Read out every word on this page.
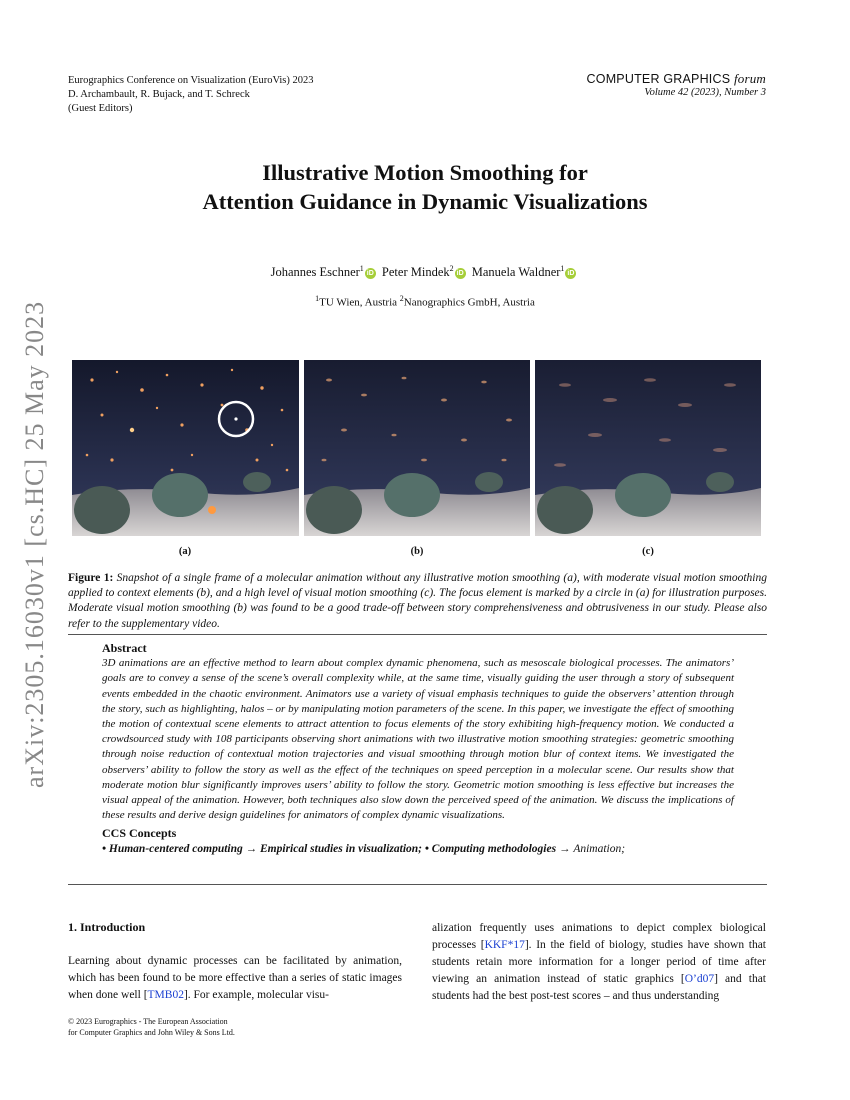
Eurographics Conference on Visualization (EuroVis) 2023
D. Archambault, R. Bujack, and T. Schreck
(Guest Editors)
COMPUTER GRAPHICS forum
Volume 42 (2023), Number 3
arXiv:2305.16030v1 [cs.HC] 25 May 2023
Illustrative Motion Smoothing for
Attention Guidance in Dynamic Visualizations
Johannes Eschner$^1$iD Peter Mindek$^2$iD Manuela Waldner$^1$iD
$^1$TU Wien, Austria $^2$Nanographics GmbH, Austria
(a)	(b)	(c)
Figure 1: Snapshot of a single frame of a molecular animation without any illustrative motion smoothing (a), with moderate visual motion smoothing applied to context elements (b), and a high level of visual motion smoothing (c). The focus element is marked by a circle in (a) for illustration purposes. Moderate visual motion smoothing (b) was found to be a good trade-off between story comprehensiveness and obtrusiveness in our study. Please also refer to the supplementary video.
Abstract

3D animations are an effective method to learn about complex dynamic phenomena, such as mesoscale biological processes. The animators’ goals are to convey a sense of the scene’s overall complexity while, at the same time, visually guiding the user through a story of subsequent events embedded in the chaotic environment. Animators use a variety of visual emphasis techniques to guide the observers’ attention through the story, such as highlighting, halos – or by manipulating motion parameters of the scene. In this paper, we investigate the effect of smoothing the motion of contextual scene elements to attract attention to focus elements of the story exhibiting high-frequency motion. We conducted a crowdsourced study with 108 participants observing short animations with two illustrative motion smoothing strategies: geometric smoothing through noise reduction of contextual motion trajectories and visual smoothing through motion blur of context items. We investigated the observers’ ability to follow the story as well as the effect of the techniques on speed perception in a molecular scene. Our results show that moderate motion blur significantly improves users’ ability to follow the story. Geometric motion smoothing is less effective but increases the visual appeal of the animation. However, both techniques also slow down the perceived speed of the animation. We discuss the implications of these results and derive design guidelines for animators of complex dynamic visualizations.

CCS Concepts
• Human-centered computing → Empirical studies in visualization; • Computing methodologies → Animation;
1. Introduction
Learning about dynamic processes can be facilitated by animation, which has been found to be more effective than a series of static images when done well [TMB02]. For example, molecular visu-
alization frequently uses animations to depict complex biological processes [KKF*17]. In the field of biology, studies have shown that students retain more information for a longer period of time after viewing an animation instead of static graphics [O’d07] and that students had the best post-test scores – and thus understanding
© 2023 Eurographics - The European Association
for Computer Graphics and John Wiley & Sons Ltd.
